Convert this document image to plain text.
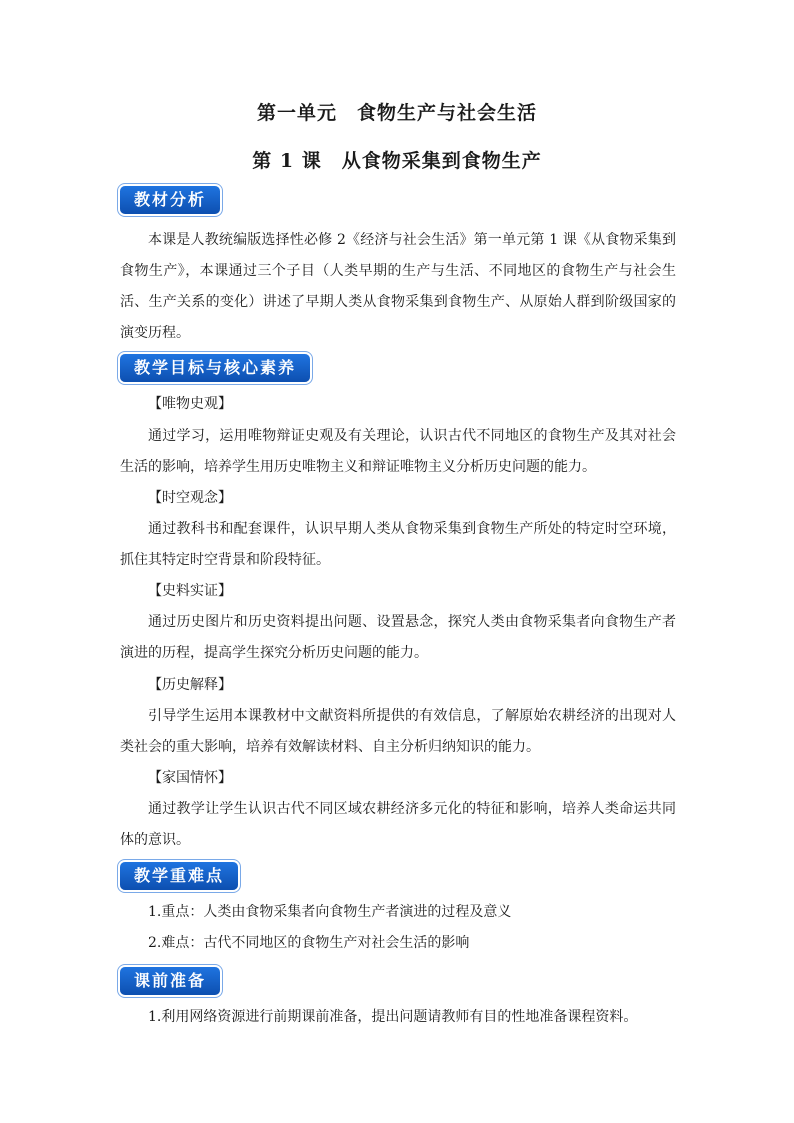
第一单元　食物生产与社会生活
第 1 课　从食物采集到食物生产
教材分析

本课是人教统编版选择性必修 2《经济与社会生活》第一单元第 1 课《从食物采集到食物生产》，本课通过三个子目（人类早期的生产与生活、不同地区的食物生产与社会生活、生产关系的变化）讲述了早期人类从食物采集到食物生产、从原始人群到阶级国家的演变历程。

教学目标与核心素养

【唯物史观】

通过学习，运用唯物辩证史观及有关理论，认识古代不同地区的食物生产及其对社会生活的影响，培养学生用历史唯物主义和辩证唯物主义分析历史问题的能力。

【时空观念】

通过教科书和配套课件，认识早期人类从食物采集到食物生产所处的特定时空环境，抓住其特定时空背景和阶段特征。

【史料实证】

通过历史图片和历史资料提出问题、设置悬念，探究人类由食物采集者向食物生产者演进的历程，提高学生探究分析历史问题的能力。

【历史解释】

引导学生运用本课教材中文献资料所提供的有效信息，了解原始农耕经济的出现对人类社会的重大影响，培养有效解读材料、自主分析归纳知识的能力。

【家国情怀】

通过教学让学生认识古代不同区域农耕经济多元化的特征和影响，培养人类命运共同体的意识。

教学重难点

1.重点：人类由食物采集者向食物生产者演进的过程及意义

2.难点：古代不同地区的食物生产对社会生活的影响

课前准备

1.利用网络资源进行前期课前准备，提出问题请教师有目的性地准备课程资料。
